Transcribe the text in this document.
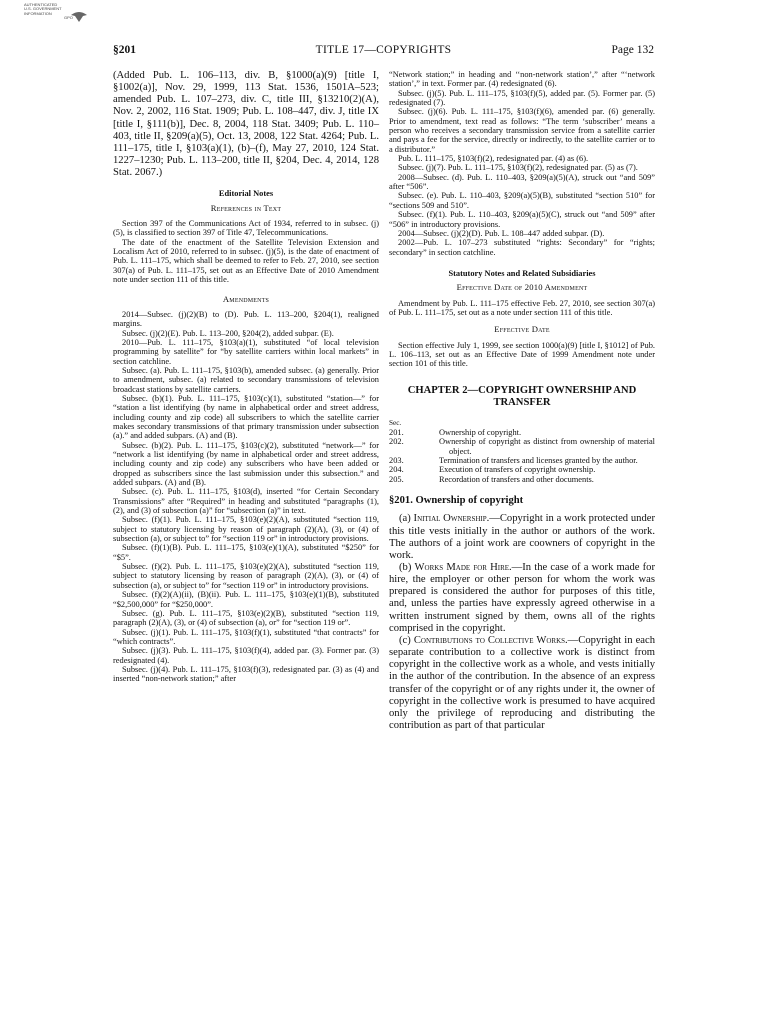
AUTHENTICATED
U.S. GOVERNMENT
INFORMATION
GPO
§201	TITLE 17—COPYRIGHTS	Page 132

(Added Pub. L. 106–113, div. B, §1000(a)(9) [title I, §1002(a)], Nov. 29, 1999, 113 Stat. 1536, 1501A–523; amended Pub. L. 107–273, div. C, title III, §13210(2)(A), Nov. 2, 2002, 116 Stat. 1909; Pub. L. 108–447, div. J, title IX [title I, §111(b)], Dec. 8, 2004, 118 Stat. 3409; Pub. L. 110–403, title II, §209(a)(5), Oct. 13, 2008, 122 Stat. 4264; Pub. L. 111–175, title I, §103(a)(1), (b)–(f), May 27, 2010, 124 Stat. 1227–1230; Pub. L. 113–200, title II, §204, Dec. 4, 2014, 128 Stat. 2067.)

Editorial Notes
References in Text

Section 397 of the Communications Act of 1934, referred to in subsec. (j)(5), is classified to section 397 of Title 47, Telecommunications.

The date of the enactment of the Satellite Television Extension and Localism Act of 2010, referred to in subsec. (j)(5), is the date of enactment of Pub. L. 111–175, which shall be deemed to refer to Feb. 27, 2010, see section 307(a) of Pub. L. 111–175, set out as an Effective Date of 2010 Amendment note under section 111 of this title.

Amendments

2014—Subsec. (j)(2)(B) to (D). Pub. L. 113–200, §204(1), realigned margins.

Subsec. (j)(2)(E). Pub. L. 113–200, §204(2), added subpar. (E).

2010—Pub. L. 111–175, §103(a)(1), substituted “of local television programming by satellite” for “by satellite carriers within local markets” in section catchline.

Subsec. (a). Pub. L. 111–175, §103(b), amended subsec. (a) generally. Prior to amendment, subsec. (a) related to secondary transmissions of television broadcast stations by satellite carriers.

Subsec. (b)(1). Pub. L. 111–175, §103(c)(1), substituted “station—” for “station a list identifying (by name in alphabetical order and street address, including county and zip code) all subscribers to which the satellite carrier makes secondary transmissions of that primary transmission under subsection (a).” and added subpars. (A) and (B).

Subsec. (b)(2). Pub. L. 111–175, §103(c)(2), substituted “network—” for “network a list identifying (by name in alphabetical order and street address, including county and zip code) any subscribers who have been added or dropped as subscribers since the last submission under this subsection.” and added subpars. (A) and (B).

Subsec. (c). Pub. L. 111–175, §103(d), inserted “for Certain Secondary Transmissions” after “Required” in heading and substituted “paragraphs (1), (2), and (3) of subsection (a)” for “subsection (a)” in text.

Subsec. (f)(1). Pub. L. 111–175, §103(e)(2)(A), substituted “section 119, subject to statutory licensing by reason of paragraph (2)(A), (3), or (4) of subsection (a), or subject to” for “section 119 or” in introductory provisions.

Subsec. (f)(1)(B). Pub. L. 111–175, §103(e)(1)(A), substituted “$250” for “$5”.

Subsec. (f)(2). Pub. L. 111–175, §103(e)(2)(A), substituted “section 119, subject to statutory licensing by reason of paragraph (2)(A), (3), or (4) of subsection (a), or subject to” for “section 119 or” in introductory provisions.

Subsec. (f)(2)(A)(ii), (B)(ii). Pub. L. 111–175, §103(e)(1)(B), substituted “$2,500,000” for “$250,000”.

Subsec. (g). Pub. L. 111–175, §103(e)(2)(B), substituted “section 119, paragraph (2)(A), (3), or (4) of subsection (a), or” for “section 119 or”.

Subsec. (j)(1). Pub. L. 111–175, §103(f)(1), substituted “that contracts” for “which contracts”.

Subsec. (j)(3). Pub. L. 111–175, §103(f)(4), added par. (3). Former par. (3) redesignated (4).

Subsec. (j)(4). Pub. L. 111–175, §103(f)(3), redesignated par. (3) as (4) and inserted “non-network station;” after

“Network station;” in heading and ‘‘non-network station’,” after “‘network station’,” in text. Former par. (4) redesignated (6).

Subsec. (j)(5). Pub. L. 111–175, §103(f)(5), added par. (5). Former par. (5) redesignated (7).

Subsec. (j)(6). Pub. L. 111–175, §103(f)(6), amended par. (6) generally. Prior to amendment, text read as follows: “The term ‘subscriber’ means a person who receives a secondary transmission service from a satellite carrier and pays a fee for the service, directly or indirectly, to the satellite carrier or to a distributor.”

Pub. L. 111–175, §103(f)(2), redesignated par. (4) as (6).

Subsec. (j)(7). Pub. L. 111–175, §103(f)(2), redesignated par. (5) as (7).

2008—Subsec. (d). Pub. L. 110–403, §209(a)(5)(A), struck out “and 509” after “506”.

Subsec. (e). Pub. L. 110–403, §209(a)(5)(B), substituted “section 510” for “sections 509 and 510”.

Subsec. (f)(1). Pub. L. 110–403, §209(a)(5)(C), struck out “and 509” after “506” in introductory provisions.

2004—Subsec. (j)(2)(D). Pub. L. 108–447 added subpar. (D).

2002—Pub. L. 107–273 substituted “rights: Secondary” for “rights; secondary” in section catchline.

Statutory Notes and Related Subsidiaries
Effective Date of 2010 Amendment

Amendment by Pub. L. 111–175 effective Feb. 27, 2010, see section 307(a) of Pub. L. 111–175, set out as a note under section 111 of this title.

Effective Date

Section effective July 1, 1999, see section 1000(a)(9) [title I, §1012] of Pub. L. 106–113, set out as an Effective Date of 1999 Amendment note under section 101 of this title.

CHAPTER 2—COPYRIGHT OWNERSHIP AND
TRANSFER
Sec.
201.	Ownership of copyright.
202.	Ownership of copyright as distinct from ownership of material object.
203.	Termination of transfers and licenses granted by the author.
204.	Execution of transfers of copyright ownership.
205.	Recordation of transfers and other documents.
§201. Ownership of copyright

(a) Initial Ownership.—Copyright in a work protected under this title vests initially in the author or authors of the work. The authors of a joint work are coowners of copyright in the work.

(b) Works Made for Hire.—In the case of a work made for hire, the employer or other person for whom the work was prepared is considered the author for purposes of this title, and, unless the parties have expressly agreed otherwise in a written instrument signed by them, owns all of the rights comprised in the copyright.

(c) Contributions to Collective Works.—Copyright in each separate contribution to a collective work is distinct from copyright in the collective work as a whole, and vests initially in the author of the contribution. In the absence of an express transfer of the copyright or of any rights under it, the owner of copyright in the collective work is presumed to have acquired only the privilege of reproducing and distributing the contribution as part of that particular
